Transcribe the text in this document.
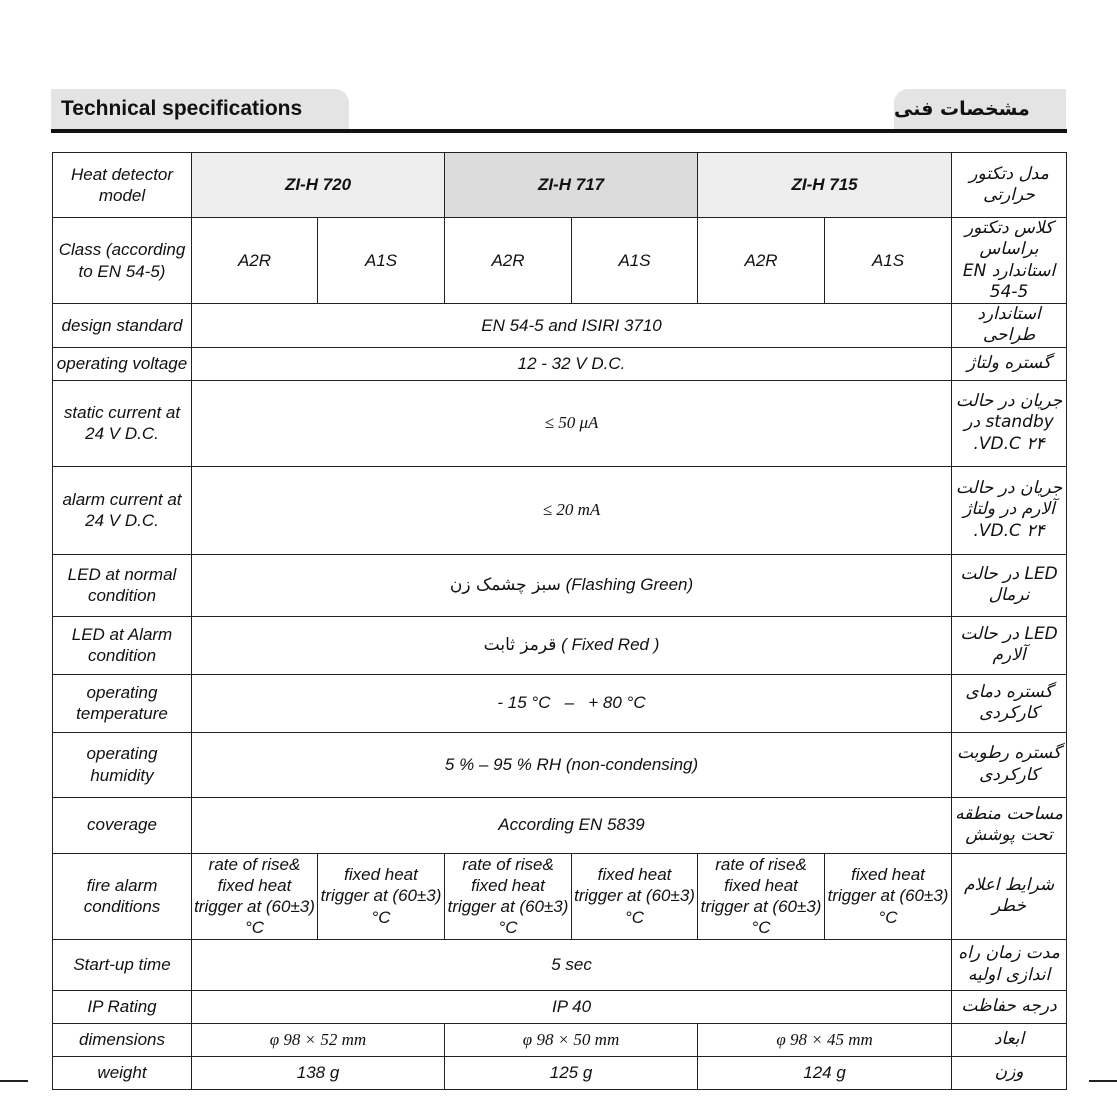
Technical specifications	مشخصات فنی
Heat detector model	ZI-H 720		ZI-H 717		ZI-H 715		مدل دتکتور حرارتی
Class (according to EN 54-5)	A2R	A1S	A2R	A1S	A2R	A1S	کلاس دتکتور براساس استاندارد EN 54-5
design standard	EN 54-5 and ISIRI 3710						استاندارد طراحی
operating voltage	12 - 32 V D.C.						گستره ولتاژ
static current at 24 V D.C.	≤ 50 μA						جریان در حالت standby در ۲۴ VD.C.
alarm current at 24 V D.C.	≤ 20 mA						جریان در حالت آلارم در ولتاژ ۲۴ VD.C.
LED at normal condition	سبز چشمک زن (Flashing Green)						LED در حالت نرمال
LED at Alarm condition	قرمز ثابت ( Fixed Red )						LED در حالت آلارم
operating temperature	- 15 °C   –   + 80 °C						گستره دمای کارکردی
operating humidity	5 % – 95 % RH (non-condensing)						گستره رطوبت کارکردی
coverage	According EN 5839						مساحت منطقه تحت پوشش
fire alarm conditions	rate of rise& fixed heat trigger at (60±3) °C	fixed heat trigger at (60±3) °C	rate of rise& fixed heat trigger at (60±3) °C	fixed heat trigger at (60±3) °C	rate of rise& fixed heat trigger at (60±3) °C	fixed heat trigger at (60±3) °C	شرایط اعلام خطر
Start-up time	5 sec						مدت زمان راه اندازی اولیه
IP Rating	IP 40						درجه حفاظت
dimensions	φ 98 × 52 mm		φ 98 × 50 mm		φ 98 × 45 mm		ابعاد
weight	138 g		125 g		124 g		وزن
